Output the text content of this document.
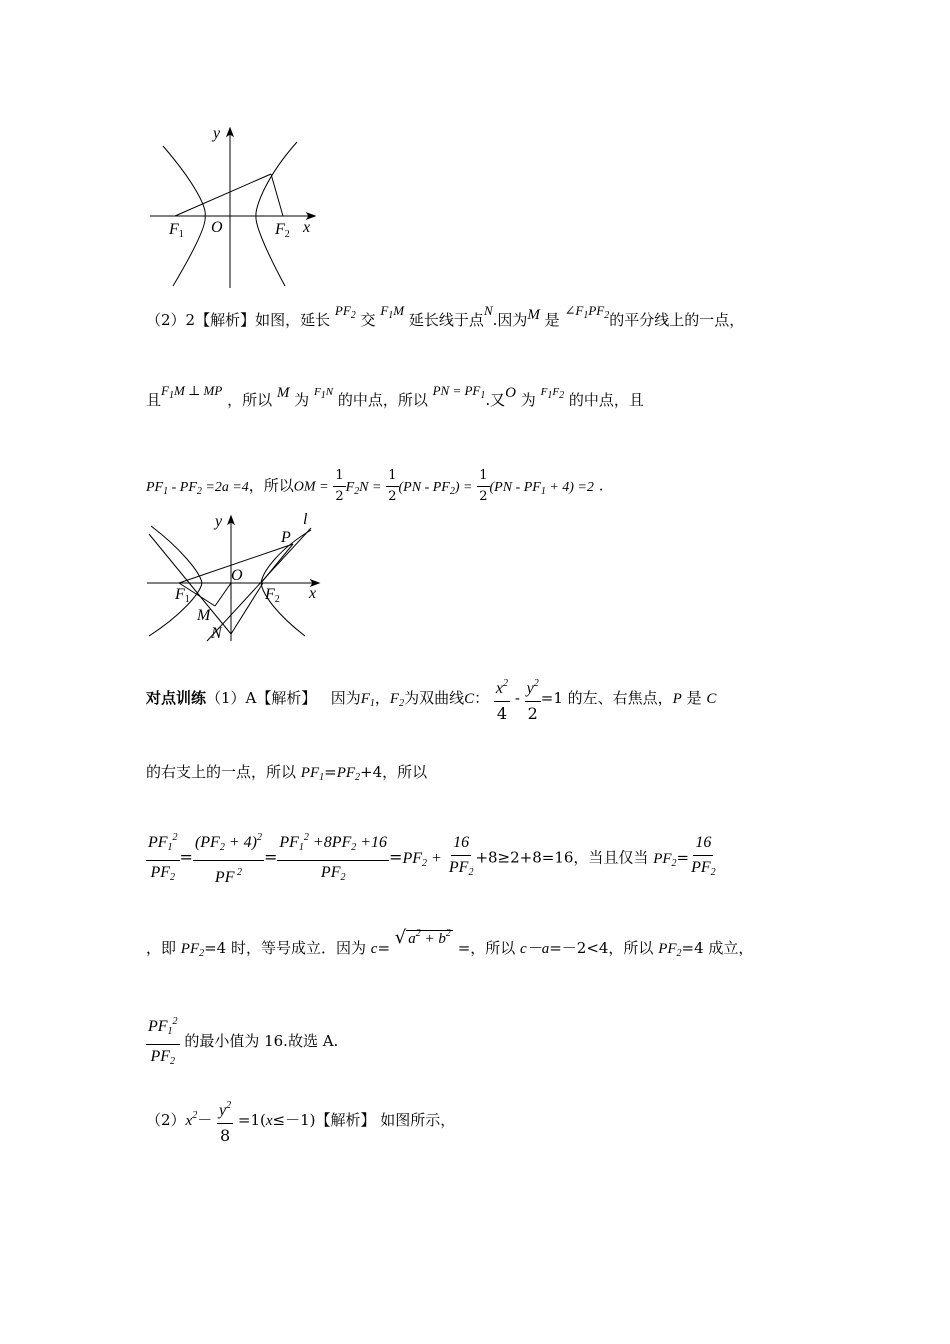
y
x
O
F1	F2
（2）2【解析】如图，延长 $PF_2$ 交 $F_1M$ 延长线于点N.因为M 是 $\angle F_1PF_2$的平分线上的一点，
且$F_1M$ ⊥ MP ，所以 M 为 $^{F1N}$ 的中点，所以 PN = $PF_1$.又O 为 $^{F1F2}$ 的中点，且
$PF_1 - PF_2 =2a =4$，所以OM = $\frac{1}{2} F_2N = \frac{1}{2} (PN - PF_2) = \frac{1}{2} (PN - PF_1 + 4) =2$ .
y
x
O
l
P
M
N
F1	F2
对点训练（1）A【解析】 因为$F_1$，$F_2$为双曲线C： $\frac{x^2}{4} - \frac{y^2}{2} =1$ 的左、右焦点，P 是 C
的右支上的一点，所以 $PF_1=PF_2+4$，所以
$\frac{PF_1^2}{PF_2} = \frac{(PF_2 + 4)^2}{PF ^2} = \frac{PF_1^2 +8PF_2 +16}{PF_2} =PF_2 + \frac{16}{PF_2} +8\ge 2+8=16$，当且仅当 $PF_2= \frac{16}{PF_2}$
，即 $PF_2=4$ 时，等号成立．因为 c= √ $a^2 + b^2$ =，所以 c－a=－2<4，所以 $PF_2=4$ 成立，
$\frac{PF_1^2}{PF_2}$ 的最小值为 16.故选 A.
$(2)x^2- \frac{y^2}{8} =1(x\le-1)$【解析】 如图所示，
